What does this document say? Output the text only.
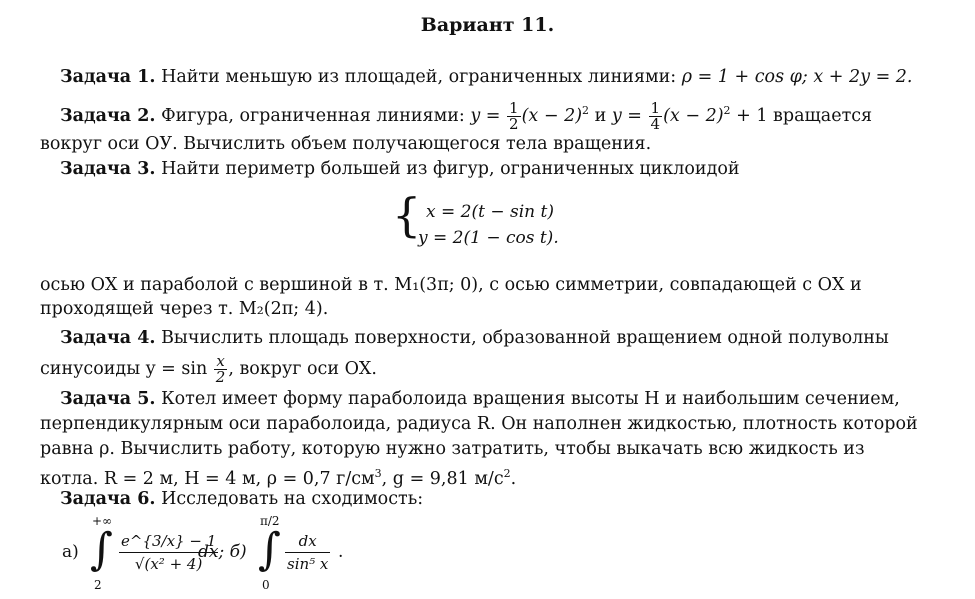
Вариант 11.
Задача 1. Найти меньшую из площадей, ограниченных линиями: ρ = 1 + cos φ; x + 2y = 2.
Задача 2. Фигура, ограниченная линиями: $y = \frac{1}{2} (x - 2)^2$ и $y = \frac{1}{4} (x - 2)^2 + 1$ вращается
вокруг оси ОУ. Вычислить объем получающегося тела вращения.
Задача 3. Найти периметр большей из фигур, ограниченных циклоидой
{ x = 2(t − sin t)
y = 2(1 − cos t).
осью ОХ и параболой с вершиной в т. M₁(3π; 0), с осью симметрии, совпадающей с ОХ и
проходящей через т. M₂(2π; 4).
Задача 4. Вычислить площадь поверхности, образованной вращением одной полуволны
синусоиды $y = \sin \frac{x}{2}$ , вокруг оси ОХ.
Задача 5. Котел имеет форму параболоида вращения высоты Н и наибольшим сечением,
перпендикулярным оси параболоида, радиуса R. Он наполнен жидкостью, плотность которой
равна ρ. Вычислить работу, которую нужно затратить, чтобы выкачать всю жидкость из
котла. R = 2 м, H = 4 м, ρ = 0,7 $г/см^3$, g = 9,81 $м/с^2$.
Задача 6. Исследовать на сходимость:
а)
+∞
∫
2
$\frac{e\^{}\{3/x\} - 1}{\text{√(x² + 4)}}$
dx; б)
π/2
∫
0
$\frac{dx}{\text{sin⁵ x}}$ .
